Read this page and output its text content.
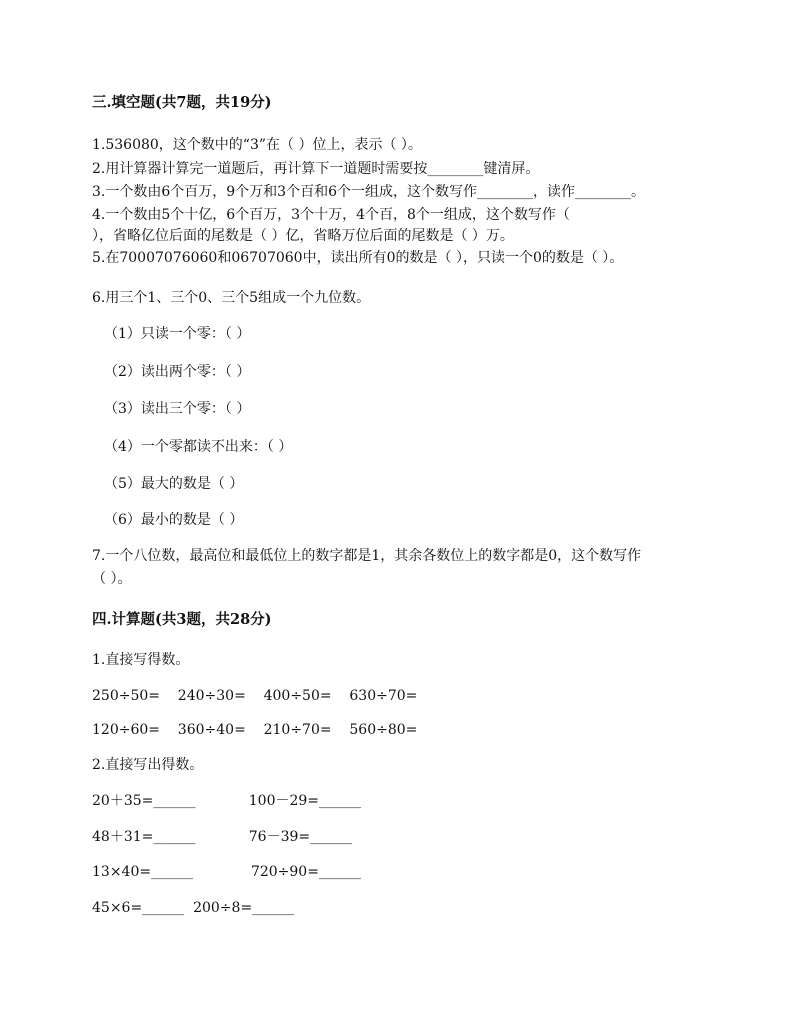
三.填空题(共7题，共19分)
1.536080，这个数中的“3”在（ ）位上，表示（ ）。
2.用计算器计算完一道题后，再计算下一道题时需要按________键清屏。
3.一个数由6个百万，9个万和3个百和6个一组成，这个数写作________，读作________。
4.一个数由5个十亿，6个百万，3个十万，4个百，8个一组成，这个数写作（
），省略亿位后面的尾数是（ ）亿，省略万位后面的尾数是（ ）万。
5.在70007076060和06707060中，读出所有0的数是（ ），只读一个0的数是（ ）。
6.用三个1、三个0、三个5组成一个九位数。
（1）只读一个零：（ ）
（2）读出两个零：（ ）
（3）读出三个零：（ ）
（4）一个零都读不出来：（ ）
（5）最大的数是（ ）
（6）最小的数是（ ）
7.一个八位数，最高位和最低位上的数字都是1，其余各数位上的数字都是0，这个数写作
（ ）。
四.计算题(共3题，共28分)
1.直接写得数。
250÷50=    240÷30=    400÷50=    630÷70=
120÷60=    360÷40=    210÷70=    560÷80=
2.直接写出得数。
20＋35=______            100－29=______
48＋31=______            76－39=______
13×40=______             720÷90=______
45×6=______  200÷8=______
